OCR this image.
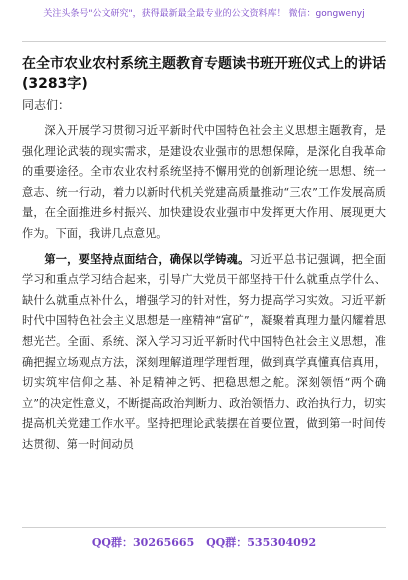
关注头条号"公文研究"，获得最新最全最专业的公文资料库！ 微信：gongwenyj
在全市农业农村系统主题教育专题读书班开班仪式上的讲话(3283字)
同志们：

深入开展学习贯彻习近平新时代中国特色社会主义思想主题教育，是强化理论武装的现实需求，是建设农业强市的思想保障，是深化自我革命的重要途径。全市农业农村系统坚持不懈用党的创新理论统一思想、统一意志、统一行动，着力以新时代机关党建高质量推动“三农”工作发展高质量，在全面推进乡村振兴、加快建设农业强市中发挥更大作用、展现更大作为。下面，我讲几点意见。

第一，要坚持点面结合，确保以学铸魂。习近平总书记强调，把全面学习和重点学习结合起来，引导广大党员干部坚持干什么就重点学什么、缺什么就重点补什么，增强学习的针对性，努力提高学习实效。习近平新时代中国特色社会主义思想是一座精神“富矿”，凝聚着真理力量闪耀着思想光芒。全面、系统、深入学习习近平新时代中国特色社会主义思想，准确把握立场观点方法，深刻理解道理学理哲理，做到真学真懂真信真用，切实筑牢信仰之基、补足精神之钙、把稳思想之舵。深刻领悟“两个确立”的决定性意义，不断提高政治判断力、政治领悟力、政治执行力，切实提高机关党建工作水平。坚持把理论武装摆在首要位置，做到第一时间传达贯彻、第一时间动员

QQ群：30265665 QQ群：535304092
